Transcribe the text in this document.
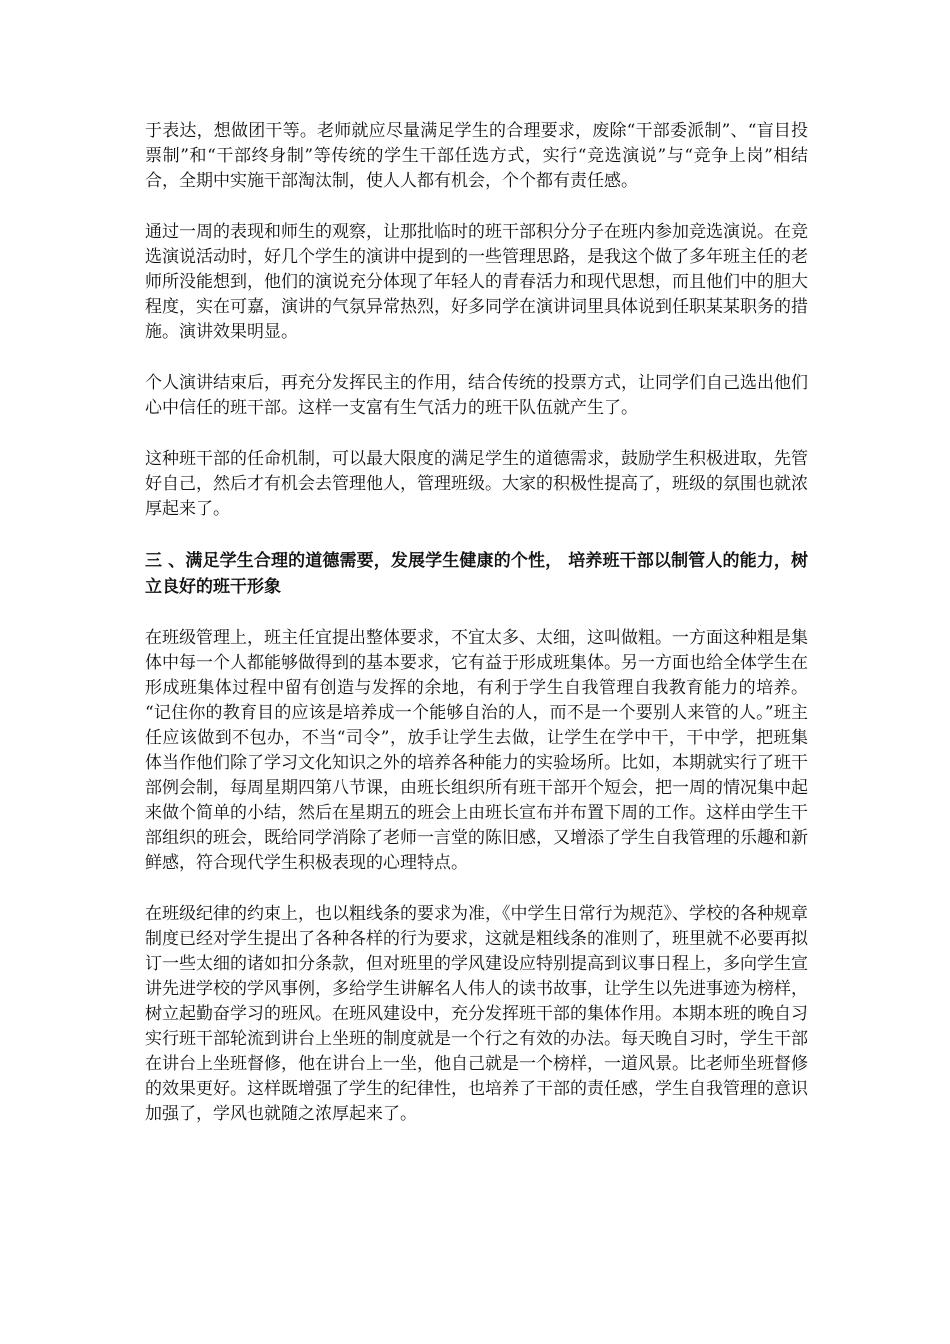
于表达，想做团干等。老师就应尽量满足学生的合理要求，废除“干部委派制”、“盲目投票制”和“干部终身制”等传统的学生干部任选方式，实行“竞选演说”与“竞争上岗”相结合，全期中实施干部淘汰制，使人人都有机会，个个都有责任感。

通过一周的表现和师生的观察，让那批临时的班干部积分分子在班内参加竞选演说。在竞选演说活动时，好几个学生的演讲中提到的一些管理思路，是我这个做了多年班主任的老师所没能想到，他们的演说充分体现了年轻人的青春活力和现代思想，而且他们中的胆大程度，实在可嘉，演讲的气氛异常热烈，好多同学在演讲词里具体说到任职某某职务的措施。演讲效果明显。

个人演讲结束后，再充分发挥民主的作用，结合传统的投票方式，让同学们自己选出他们心中信任的班干部。这样一支富有生气活力的班干队伍就产生了。

这种班干部的任命机制，可以最大限度的满足学生的道德需求，鼓励学生积极进取，先管好自己，然后才有机会去管理他人，管理班级。大家的积极性提高了，班级的氛围也就浓厚起来了。

三 、满足学生合理的道德需要，发展学生健康的个性， 培养班干部以制管人的能力，树立良好的班干形象

在班级管理上，班主任宜提出整体要求，不宜太多、太细，这叫做粗。一方面这种粗是集体中每一个人都能够做得到的基本要求，它有益于形成班集体。另一方面也给全体学生在形成班集体过程中留有创造与发挥的余地，有利于学生自我管理自我教育能力的培养。 “记住你的教育目的应该是培养成一个能够自治的人，而不是一个要别人来管的人。”班主任应该做到不包办，不当“司令”，放手让学生去做，让学生在学中干，干中学，把班集体当作他们除了学习文化知识之外的培养各种能力的实验场所。比如，本期就实行了班干部例会制，每周星期四第八节课，由班长组织所有班干部开个短会，把一周的情况集中起来做个简单的小结，然后在星期五的班会上由班长宣布并布置下周的工作。这样由学生干部组织的班会，既给同学消除了老师一言堂的陈旧感，又增添了学生自我管理的乐趣和新鲜感，符合现代学生积极表现的心理特点。

在班级纪律的约束上，也以粗线条的要求为准，《中学生日常行为规范》、学校的各种规章制度已经对学生提出了各种各样的行为要求，这就是粗线条的准则了，班里就不必要再拟订一些太细的诸如扣分条款，但对班里的学风建设应特别提高到议事日程上，多向学生宣讲先进学校的学风事例，多给学生讲解名人伟人的读书故事，让学生以先进事迹为榜样，树立起勤奋学习的班风。在班风建设中，充分发挥班干部的集体作用。本期本班的晚自习实行班干部轮流到讲台上坐班的制度就是一个行之有效的办法。每天晚自习时，学生干部在讲台上坐班督修，他在讲台上一坐，他自己就是一个榜样，一道风景。比老师坐班督修的效果更好。这样既增强了学生的纪律性，也培养了干部的责任感，学生自我管理的意识加强了，学风也就随之浓厚起来了。
